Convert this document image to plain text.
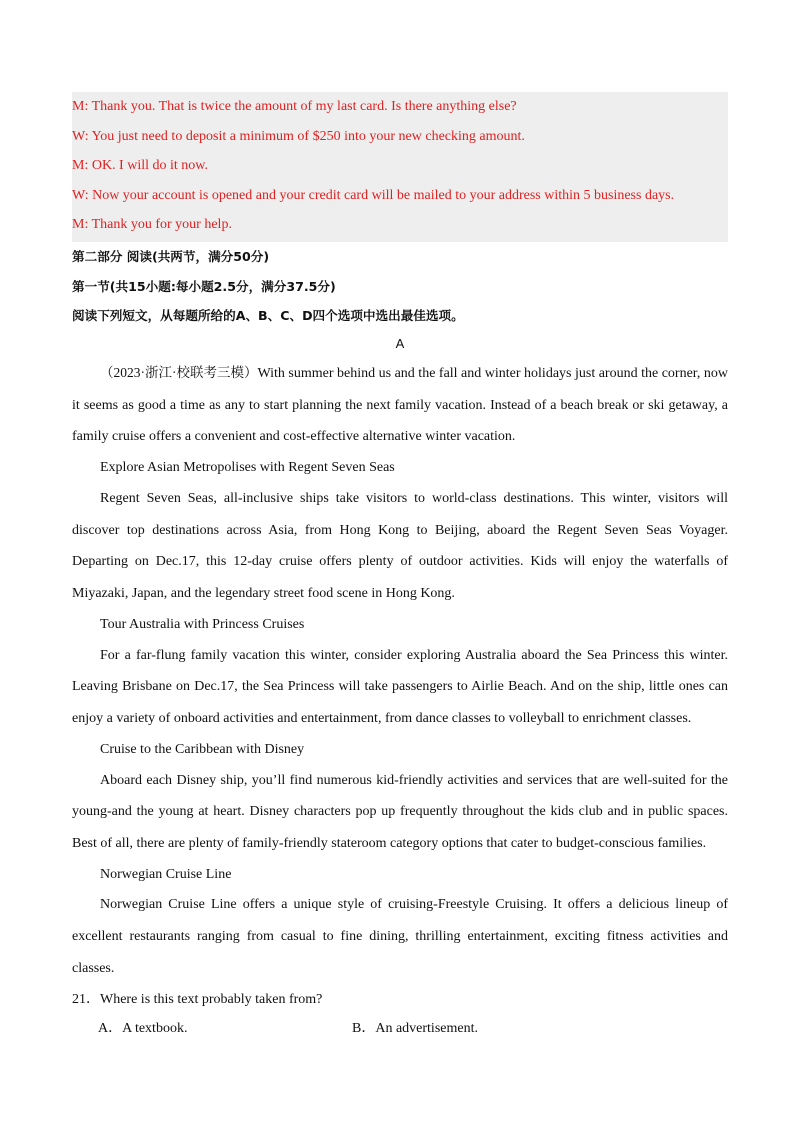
M: Thank you. That is twice the amount of my last card. Is there anything else?
W: You just need to deposit a minimum of $250 into your new checking amount.
M: OK. I will do it now.
W: Now your account is opened and your credit card will be mailed to your address within 5 business days.
M: Thank you for your help.
第二部分 阅读(共两节，满分50分)
第一节(共15小题:每小题2.5分，满分37.5分)
阅读下列短文，从每题所给的A、B、C、D四个选项中选出最佳选项。
A

（2023·浙江·校联考三模）With summer behind us and the fall and winter holidays just around the corner, now it seems as good a time as any to start planning the next family vacation. Instead of a beach break or ski getaway, a family cruise offers a convenient and cost-effective alternative winter vacation.

Explore Asian Metropolises with Regent Seven Seas

Regent Seven Seas, all-inclusive ships take visitors to world-class destinations. This winter, visitors will discover top destinations across Asia, from Hong Kong to Beijing, aboard the Regent Seven Seas Voyager. Departing on Dec.17, this 12-day cruise offers plenty of outdoor activities. Kids will enjoy the waterfalls of Miyazaki, Japan, and the legendary street food scene in Hong Kong.

Tour Australia with Princess Cruises

For a far-flung family vacation this winter, consider exploring Australia aboard the Sea Princess this winter. Leaving Brisbane on Dec.17, the Sea Princess will take passengers to Airlie Beach. And on the ship, little ones can enjoy a variety of onboard activities and entertainment, from dance classes to volleyball to enrichment classes.

Cruise to the Caribbean with Disney

Aboard each Disney ship, you’ll find numerous kid-friendly activities and services that are well-suited for the young-and the young at heart. Disney characters pop up frequently throughout the kids club and in public spaces. Best of all, there are plenty of family-friendly stateroom category options that cater to budget-conscious families.

Norwegian Cruise Line

Norwegian Cruise Line offers a unique style of cruising-Freestyle Cruising. It offers a delicious lineup of excellent restaurants ranging from casual to fine dining, thrilling entertainment, exciting fitness activities and classes.

21．Where is this text probably taken from?
A．A textbook.	B．An advertisement.
